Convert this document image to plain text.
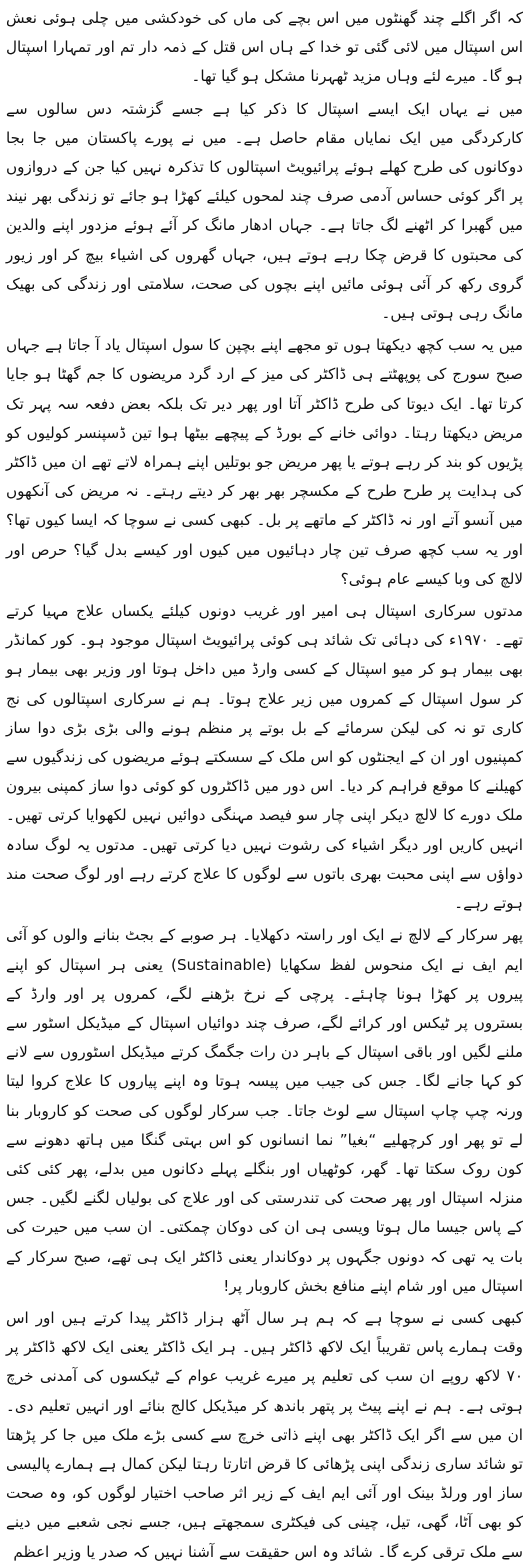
کہ اگر اگلے چند گھنٹوں میں اس بچے کی ماں کی خودکشی میں چلی ہوئی نعش اس اسپتال میں لائی گئی تو خدا کے ہاں اس قتل کے ذمہ دار تم اور تمہارا اسپتال ہو گا۔ میرے لئے وہاں مزید ٹھہرنا مشکل ہو گیا تھا۔

میں نے یہاں ایک ایسے اسپتال کا ذکر کیا ہے جسے گزشتہ دس سالوں سے کارکردگی میں ایک نمایاں مقام حاصل ہے۔ میں نے پورے پاکستان میں جا بجا دوکانوں کی طرح کھلے ہوئے پرائیویٹ اسپتالوں کا تذکرہ نہیں کیا جن کے دروازوں پر اگر کوئی حساس آدمی صرف چند لمحوں کیلئے کھڑا ہو جائے تو زندگی بھر نیند میں گھبرا کر اٹھنے لگ جاتا ہے۔ جہاں ادھار مانگ کر آئے ہوئے مزدور اپنے والدین کی محبتوں کا قرض چکا رہے ہوتے ہیں، جہاں گھروں کی اشیاء بیچ کر اور زیور گروی رکھ کر آئی ہوئی مائیں اپنے بچوں کی صحت، سلامتی اور زندگی کی بھیک مانگ رہی ہوتی ہیں۔

میں یہ سب کچھ دیکھتا ہوں تو مجھے اپنے بچپن کا سول اسپتال یاد آ جاتا ہے جہاں صبح سورج کی پوپھٹتے ہی ڈاکٹر کی میز کے ارد گرد مریضوں کا جم گھٹا ہو جایا کرتا تھا۔ ایک دیوتا کی طرح ڈاکٹر آتا اور پھر دیر تک بلکہ بعض دفعہ سہ پہر تک مریض دیکھتا رہتا۔ دوائی خانے کے بورڈ کے پیچھے بیٹھا ہوا تین ڈسپنسر کولیوں کو پڑیوں کو بند کر رہے ہوتے یا پھر مریض جو بوتلیں اپنے ہمراہ لاتے تھے ان میں ڈاکٹر کی ہدایت پر طرح طرح کے مکسچر بھر بھر کر دیتے رہتے۔ نہ مریض کی آنکھوں میں آنسو آتے اور نہ ڈاکٹر کے ماتھے پر بل۔ کبھی کسی نے سوچا کہ ایسا کیوں تھا؟ اور یہ سب کچھ صرف تین چار دہائیوں میں کیوں اور کیسے بدل گیا؟ حرص اور لالچ کی وبا کیسے عام ہوئی؟

مدتوں سرکاری اسپتال ہی امیر اور غریب دونوں کیلئے یکساں علاج مہیا کرتے تھے۔ ۱۹۷۰ء کی دہائی تک شائد ہی کوئی پرائیویٹ اسپتال موجود ہو۔ کور کمانڈر بھی بیمار ہو کر میو اسپتال کے کسی وارڈ میں داخل ہوتا اور وزیر بھی بیمار ہو کر سول اسپتال کے کمروں میں زیر علاج ہوتا۔ ہم نے سرکاری اسپتالوں کی نج کاری تو نہ کی لیکن سرمائے کے بل بوتے پر منظم ہونے والی بڑی بڑی دوا ساز کمپنیوں اور ان کے ایجنٹوں کو اس ملک کے سسکتے ہوئے مریضوں کی زندگیوں سے کھیلنے کا موقع فراہم کر دیا۔ اس دور میں ڈاکٹروں کو کوئی دوا ساز کمپنی بیرون ملک دورے کا لالچ دیکر اپنی چار سو فیصد مہنگی دوائیں نہیں لکھوایا کرتی تھیں۔ انہیں کاریں اور دیگر اشیاء کی رشوت نہیں دیا کرتی تھیں۔ مدتوں یہ لوگ سادہ دواؤں سے اپنی محبت بھری باتوں سے لوگوں کا علاج کرتے رہے اور لوگ صحت مند ہوتے رہے۔

پھر سرکار کے لالچ نے ایک اور راستہ دکھلایا۔ ہر صوبے کے بجٹ بنانے والوں کو آئی ایم ایف نے ایک منحوس لفظ سکھایا (Sustainable) یعنی ہر اسپتال کو اپنے پیروں پر کھڑا ہونا چاہئے۔ پرچی کے نرخ بڑھنے لگے، کمروں پر اور وارڈ کے بستروں پر ٹیکس اور کرائے لگے، صرف چند دوائیاں اسپتال کے میڈیکل اسٹور سے ملنے لگیں اور باقی اسپتال کے باہر دن رات جگمگ کرتے میڈیکل اسٹوروں سے لانے کو کہا جانے لگا۔ جس کی جیب میں پیسہ ہوتا وہ اپنے پیاروں کا علاج کروا لیتا ورنہ چپ چاپ اسپتال سے لوٹ جاتا۔ جب سرکار لوگوں کی صحت کو کاروبار بنا لے تو پھر اور کرچھلیے “بغیا” نما انسانوں کو اس بہتی گنگا میں ہاتھ دھونے سے کون روک سکتا تھا۔ گھر، کوٹھیاں اور بنگلے پہلے دکانوں میں بدلے، پھر کئی کئی منزلہ اسپتال اور پھر صحت کی تندرستی کی اور علاج کی بولیاں لگنے لگیں۔ جس کے پاس جیسا مال ہوتا ویسی ہی ان کی دوکان چمکتی۔ ان سب میں حیرت کی بات یہ تھی کہ دونوں جگہوں پر دوکاندار یعنی ڈاکٹر ایک ہی تھے، صبح سرکار کے اسپتال میں اور شام اپنے منافع بخش کاروبار پر!

کبھی کسی نے سوچا ہے کہ ہم ہر سال آٹھ ہزار ڈاکٹر پیدا کرتے ہیں اور اس وقت ہمارے پاس تقریباً ایک لاکھ ڈاکٹر ہیں۔ ہر ایک ڈاکٹر یعنی ایک لاکھ ڈاکٹر پر ۷۰ لاکھ روپے ان سب کی تعلیم پر میرے غریب عوام کے ٹیکسوں کی آمدنی خرچ ہوتی ہے۔ ہم نے اپنے پیٹ پر پتھر باندھ کر میڈیکل کالج بنائے اور انہیں تعلیم دی۔ ان میں سے اگر ایک ڈاکٹر بھی اپنے ذاتی خرچ سے کسی بڑے ملک میں جا کر پڑھتا تو شائد ساری زندگی اپنی پڑھائی کا قرض اتارتا رہتا لیکن کمال ہے ہمارے پالیسی ساز اور ورلڈ بینک اور آئی ایم ایف کے زیر اثر صاحب اختیار لوگوں کو، وہ صحت کو بھی آٹا، گھی، تیل، چینی کی فیکٹری سمجھتے ہیں، جسے نجی شعبے میں دینے سے ملک ترقی کرے گا۔ شائد وہ اس حقیقت سے آشنا نہیں کہ صدر یا وزیر اعظم
